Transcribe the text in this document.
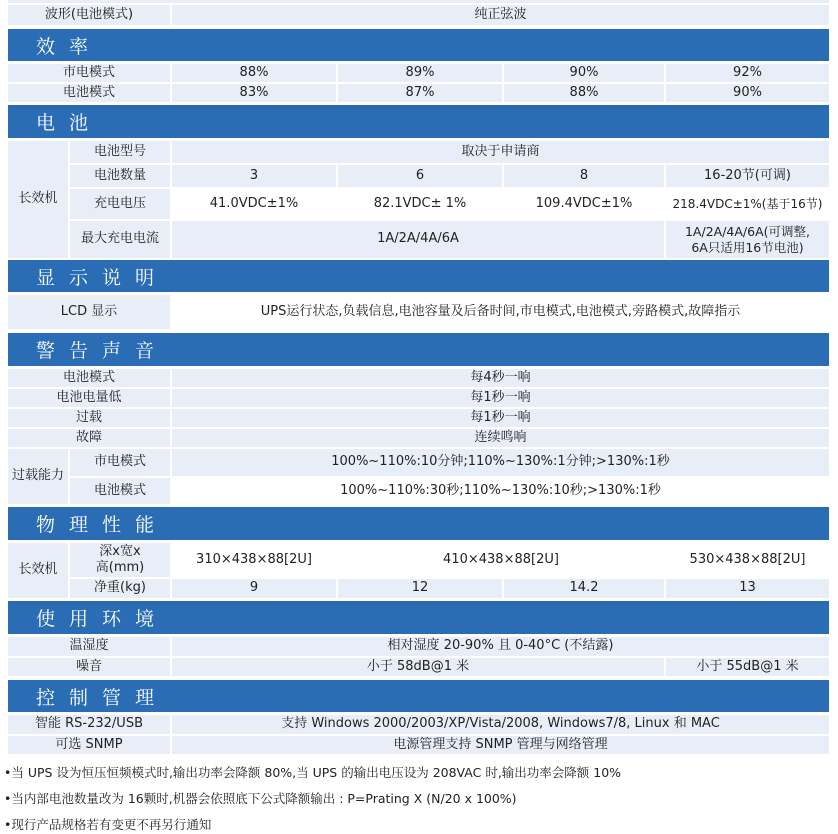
波形(电池模式)	纯正弦波
效率
市电模式	88%	89%	90%	92%
电池模式	83%	87%	88%	90%
电池
长效机
电池型号	取决于申请商
电池数量	3	6	8	16-20节(可调)
充电电压	41.0VDC±1%	82.1VDC± 1%	109.4VDC±1%	218.4VDC±1%(基于16节)
最大充电电流	1A/2A/4A/6A	1A/2A/4A/6A(可调整,
6A只适用16节电池)
显示说明
LCD 显示	UPS运行状态,负载信息,电池容量及后备时间,市电模式,电池模式,旁路模式,故障指示
警告声音
电池模式	每4秒一响
电池电量低	每1秒一响
过载	每1秒一响
故障	连续鸣响
过载能力
市电模式	100%~110%:10分钟;110%~130%:1分钟;>130%:1秒
电池模式	100%~110%:30秒;110%~130%:10秒;>130%:1秒
物理性能
长效机
深x宽x
高(mm)
310×438×88[2U]	410×438×88[2U]	530×438×88[2U]
净重(kg)	9	12	14.2	13
使用环境
温湿度	相对湿度 20-90% 且 0-40°C (不结露)
噪音	小于 58dB@1 米	小于 55dB@1 米
控制管理
智能 RS-232/USB	支持 Windows 2000/2003/XP/Vista/2008, Windows7/8, Linux 和 MAC
可选 SNMP	电源管理支持 SNMP 管理与网络管理
•当 UPS 设为恒压恒频模式时,输出功率会降额 80%,当 UPS 的输出电压设为 208VAC 时,输出功率会降额 10%
•当内部电池数量改为 16颗时,机器会依照底下公式降额输出 : P=Prating X (N/20 x 100%)
•现行产品规格若有变更不再另行通知
